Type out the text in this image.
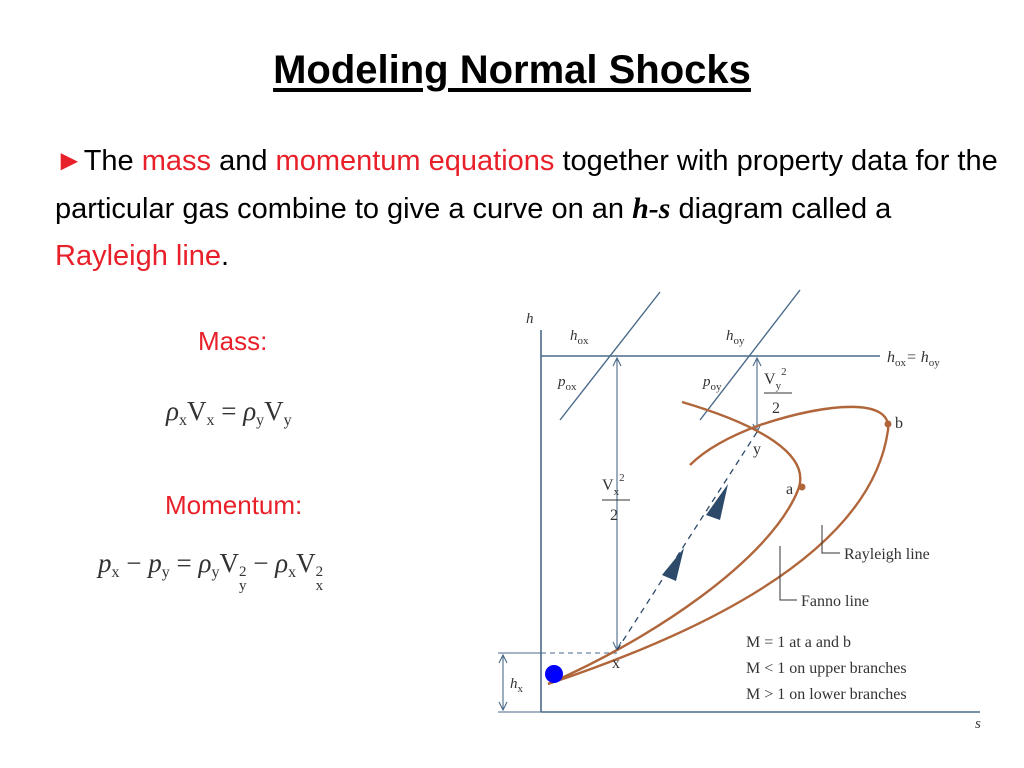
Modeling Normal Shocks
►The mass and momentum equations together with property data for the particular gas combine to give a curve on an h-s diagram called a Rayleigh line.
Mass:
$\rho_xV_x = \rho_yV_y$
Momentum:
$p_x - p_y = \rho_yV$ 2
y
− $\rho_xV$ 2
x
h
s
$h_{ox}= h_{oy}$
$h_{ox}$	$h_{oy}$
$p_{ox}$	$p_{oy}$	$V_y^2$
2
$V_x^2$
2
$h_x$
b
a
y
x
Rayleigh line
Fanno line
M = 1 at a and b
M < 1 on upper branches
M > 1 on lower branches
